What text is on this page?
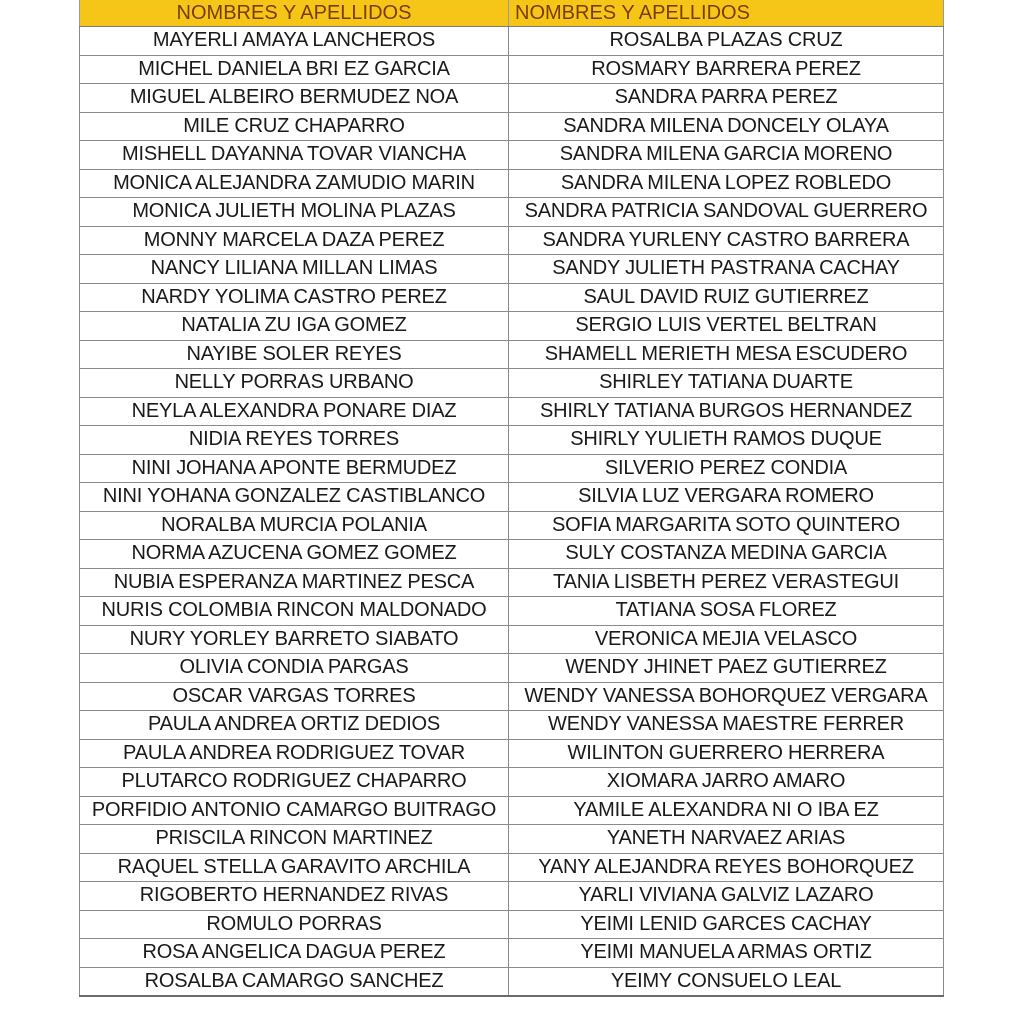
NOMBRES Y APELLIDOS	NOMBRES Y APELLIDOS
MAYERLI AMAYA LANCHEROS	ROSALBA PLAZAS CRUZ
MICHEL DANIELA BRI EZ GARCIA	ROSMARY BARRERA PEREZ
MIGUEL ALBEIRO BERMUDEZ NOA	SANDRA PARRA PEREZ
MILE CRUZ CHAPARRO	SANDRA MILENA DONCELY OLAYA
MISHELL DAYANNA TOVAR VIANCHA	SANDRA MILENA GARCIA MORENO
MONICA ALEJANDRA ZAMUDIO MARIN	SANDRA MILENA LOPEZ ROBLEDO
MONICA JULIETH MOLINA PLAZAS	SANDRA PATRICIA SANDOVAL GUERRERO
MONNY MARCELA DAZA PEREZ	SANDRA YURLENY CASTRO BARRERA
NANCY LILIANA MILLAN LIMAS	SANDY JULIETH PASTRANA CACHAY
NARDY YOLIMA CASTRO PEREZ	SAUL DAVID RUIZ GUTIERREZ
NATALIA ZU IGA GOMEZ	SERGIO LUIS VERTEL BELTRAN
NAYIBE SOLER REYES	SHAMELL MERIETH MESA ESCUDERO
NELLY PORRAS URBANO	SHIRLEY TATIANA DUARTE
NEYLA ALEXANDRA PONARE DIAZ	SHIRLY TATIANA BURGOS HERNANDEZ
NIDIA REYES TORRES	SHIRLY YULIETH RAMOS DUQUE
NINI JOHANA APONTE BERMUDEZ	SILVERIO PEREZ CONDIA
NINI YOHANA GONZALEZ CASTIBLANCO	SILVIA LUZ VERGARA ROMERO
NORALBA MURCIA POLANIA	SOFIA MARGARITA SOTO QUINTERO
NORMA AZUCENA GOMEZ GOMEZ	SULY COSTANZA MEDINA GARCIA
NUBIA ESPERANZA MARTINEZ PESCA	TANIA LISBETH PEREZ VERASTEGUI
NURIS COLOMBIA RINCON MALDONADO	TATIANA SOSA FLOREZ
NURY YORLEY BARRETO SIABATO	VERONICA MEJIA VELASCO
OLIVIA CONDIA PARGAS	WENDY JHINET PAEZ GUTIERREZ
OSCAR VARGAS TORRES	WENDY VANESSA BOHORQUEZ VERGARA
PAULA ANDREA ORTIZ DEDIOS	WENDY VANESSA MAESTRE FERRER
PAULA ANDREA RODRIGUEZ TOVAR	WILINTON GUERRERO HERRERA
PLUTARCO RODRIGUEZ CHAPARRO	XIOMARA JARRO AMARO
PORFIDIO ANTONIO CAMARGO BUITRAGO	YAMILE ALEXANDRA NI O IBA EZ
PRISCILA RINCON MARTINEZ	YANETH NARVAEZ ARIAS
RAQUEL STELLA GARAVITO ARCHILA	YANY ALEJANDRA REYES BOHORQUEZ
RIGOBERTO HERNANDEZ RIVAS	YARLI VIVIANA GALVIZ LAZARO
ROMULO PORRAS	YEIMI LENID GARCES CACHAY
ROSA ANGELICA DAGUA PEREZ	YEIMI MANUELA ARMAS ORTIZ
ROSALBA CAMARGO SANCHEZ	YEIMY CONSUELO LEAL
